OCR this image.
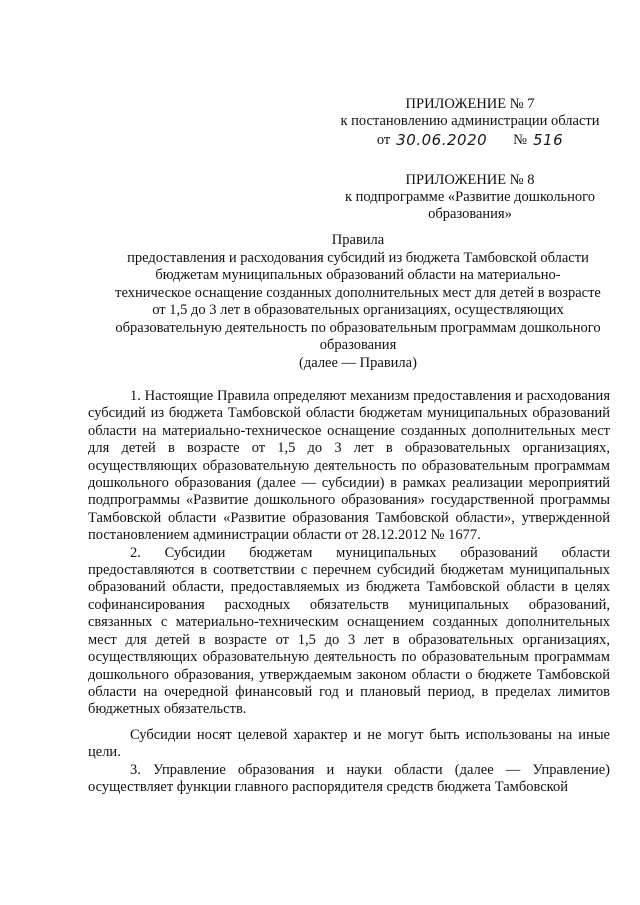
ПРИЛОЖЕНИЕ № 7
к постановлению администрации области
от 30.06.2020 № 516
ПРИЛОЖЕНИЕ № 8
к подпрограмме «Развитие дошкольного
образования»
Правила
предоставления и расходования субсидий из бюджета Тамбовской области
бюджетам муниципальных образований области на материально-
техническое оснащение созданных дополнительных мест для детей в возрасте
от 1,5 до 3 лет в образовательных организациях, осуществляющих
образовательную деятельность по образовательным программам дошкольного
образования
(далее — Правила)

1. Настоящие Правила определяют механизм предоставления и расходования субсидий из бюджета Тамбовской области бюджетам муниципальных образований области на материально-техническое оснащение созданных дополнительных мест для детей в возрасте от 1,5 до 3 лет в образовательных организациях, осуществляющих образовательную деятельность по образовательным программам дошкольного образования (далее — субсидии) в рамках реализации мероприятий подпрограммы «Развитие дошкольного образования» государственной программы Тамбовской области «Развитие образования Тамбовской области», утвержденной постановлением администрации области от 28.12.2012 № 1677.

2. Субсидии бюджетам муниципальных образований области предоставляются в соответствии с перечнем субсидий бюджетам муниципальных образований области, предоставляемых из бюджета Тамбовской области в целях софинансирования расходных обязательств муниципальных образований, связанных с материально-техническим оснащением созданных дополнительных мест для детей в возрасте от 1,5 до 3 лет в образовательных организациях, осуществляющих образовательную деятельность по образовательным программам дошкольного образования, утверждаемым законом области о бюджете Тамбовской области на очередной финансовый год и плановый период, в пределах лимитов бюджетных обязательств.

Субсидии носят целевой характер и не могут быть использованы на иные цели.

3. Управление образования и науки области (далее — Управление) осуществляет функции главного распорядителя средств бюджета Тамбовской
